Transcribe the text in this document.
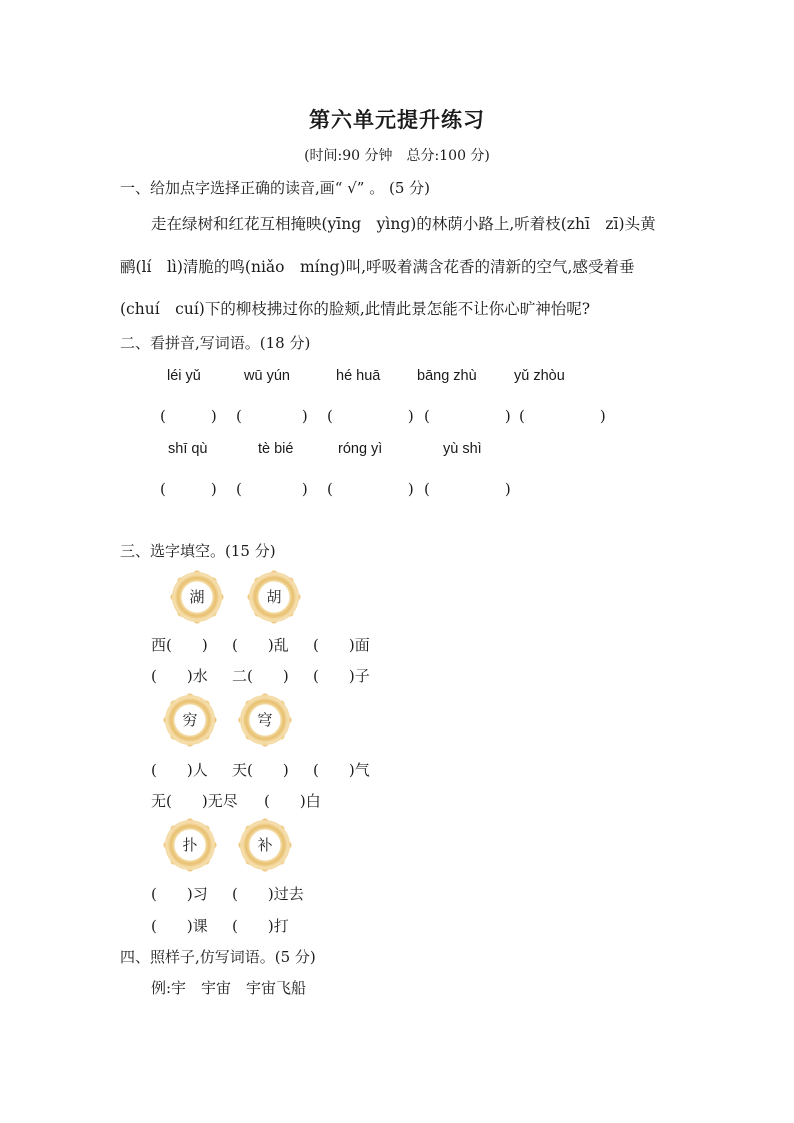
第六单元提升练习
(时间:90 分钟　总分:100 分)
一、给加点字选择正确的读音,画“ √” 。 (5 分)
走在绿树和红花互相掩映(yīng　yìng)的林荫小路上,听着枝(zhī　zī)头黄
鹂(lí　lì)清脆的鸣(niǎo　míng)叫,呼吸着满含花香的清新的空气,感受着垂
(chuí　cuí)下的柳枝拂过你的脸颊,此情此景怎能不让你心旷神怡呢?
二、看拼音,写词语。(18 分)
léi yǔ	wū yún	hé huā	bāng zhù	yǔ zhòu
(　　　) (　　　　) (　　　　　) (　　　　　) (　　　　　)
shī qù	tè bié	róng yì	yù shì
(　　　) (　　　　) (　　　　　) (　　　　　)
三、选字填空。(15 分)
湖	胡
西(　　) (　　)乱 (　　)面
(　　)水 二(　　) (　　)子
穷	穹
(　　)人 天(　　) (　　)气
无(　　)无尽 (　　)白
扑	补
(　　)习 (　　)过去
(　　)课 (　　)打
四、照样子,仿写词语。(5 分)
例:宇　宇宙　宇宙飞船
